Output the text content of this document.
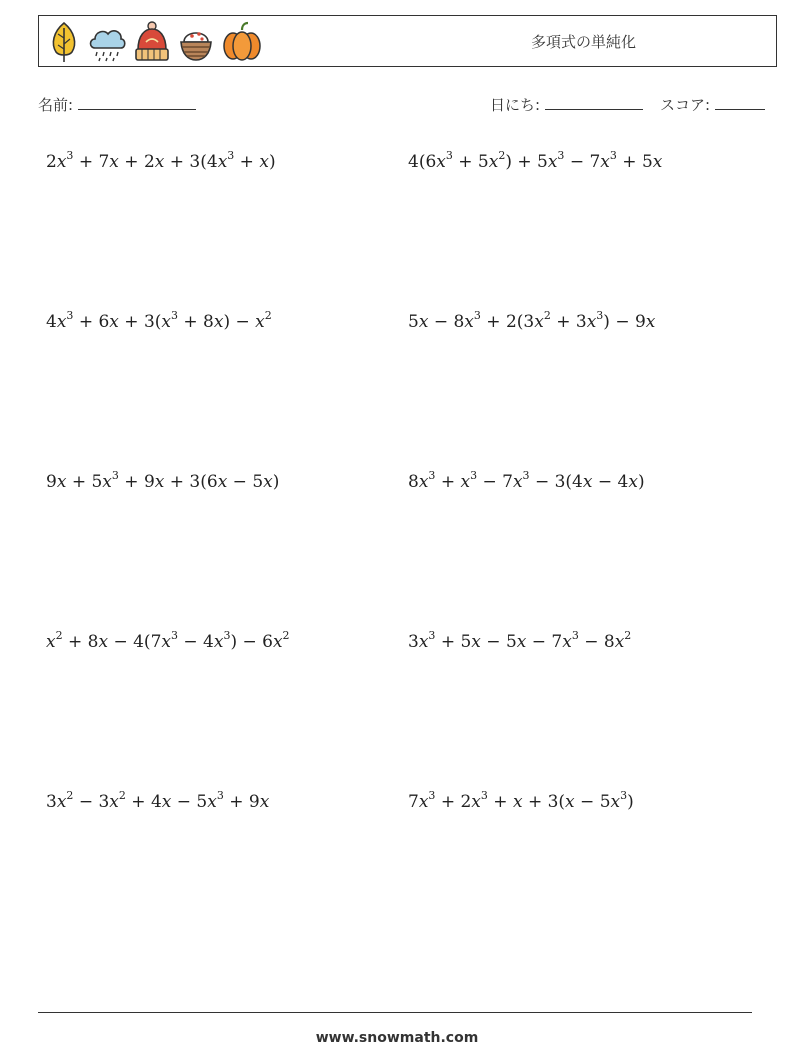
多項式の単純化
名前:	日にち:	スコア:
$2x^3 + 7x + 2x + 3(4x^3 + x)$	$4(6x^3 + 5x^2) + 5x^3 - 7x^3 + 5x$
$4x^3 + 6x + 3(x^3 + 8x) - x^2$	$5x - 8x^3 + 2(3x^2 + 3x^3) - 9x$
$9x + 5x^3 + 9x + 3(6x - 5x)$	$8x^3 + x^3 - 7x^3 - 3(4x - 4x)$
$x^2 + 8x - 4(7x^3 - 4x^3) - 6x^2$	$3x^3 + 5x - 5x - 7x^3 - 8x^2$
$3x^2 - 3x^2 + 4x - 5x^3 + 9x$	$7x^3 + 2x^3 + x + 3(x - 5x^3)$
www.snowmath.com
